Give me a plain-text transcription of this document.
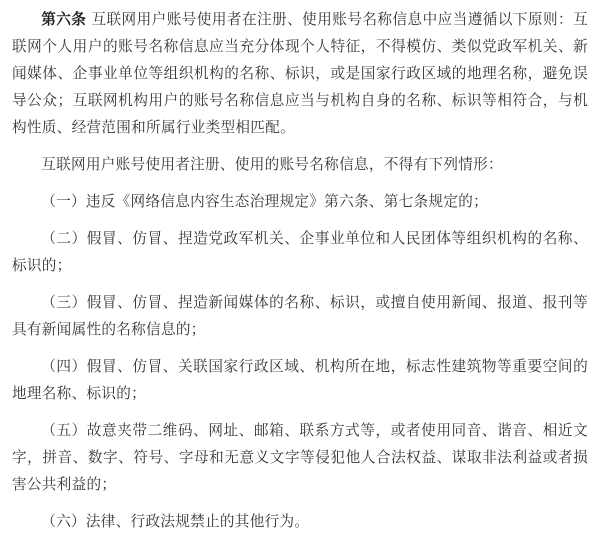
第六条 互联网用户账号使用者在注册、使用账号名称信息中应当遵循以下原则：互联网个人用户的账号名称信息应当充分体现个人特征，不得模仿、类似党政军机关、新闻媒体、企事业单位等组织机构的名称、标识，或是国家行政区域的地理名称，避免误导公众；互联网机构用户的账号名称信息应当与机构自身的名称、标识等相符合，与机构性质、经营范围和所属行业类型相匹配。

互联网用户账号使用者注册、使用的账号名称信息，不得有下列情形：

（一）违反《网络信息内容生态治理规定》第六条、第七条规定的；

（二）假冒、仿冒、捏造党政军机关、企事业单位和人民团体等组织机构的名称、标识的；

（三）假冒、仿冒、捏造新闻媒体的名称、标识，或擅自使用新闻、报道、报刊等具有新闻属性的名称信息的；

（四）假冒、仿冒、关联国家行政区域、机构所在地，标志性建筑物等重要空间的地理名称、标识的；

（五）故意夹带二维码、网址、邮箱、联系方式等，或者使用同音、谐音、相近文字，拼音、数字、符号、字母和无意义文字等侵犯他人合法权益、谋取非法利益或者损害公共利益的；

（六）法律、行政法规禁止的其他行为。
